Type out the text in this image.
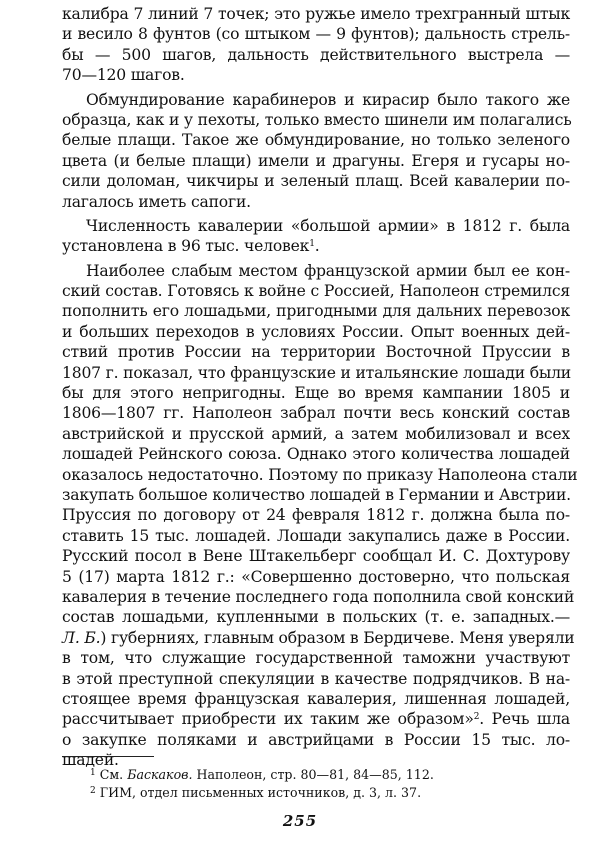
калибра 7 линий 7 точек; это ружье имело трехгранный штык
и весило 8 фунтов (со штыком — 9 фунтов); дальность стрель-
бы — 500 шагов, дальность действительного выстрела —
70—120 шагов.
Обмундирование карабинеров и кирасир было такого же
образца, как и у пехоты, только вместо шинели им полагались
белые плащи. Такое же обмундирование, но только зеленого
цвета (и белые плащи) имели и драгуны. Егеря и гусары но-
сили доломан, чикчиры и зеленый плащ. Всей кавалерии по-
лагалось иметь сапоги.
Численность кавалерии «большой армии» в 1812 г. была
установлена в 96 тыс. человек$^1$.
Наиболее слабым местом французской армии был ее кон-
ский состав. Готовясь к войне с Россией, Наполеон стремился
пополнить его лошадьми, пригодными для дальних перевозок
и больших переходов в условиях России. Опыт военных дей-
ствий против России на территории Восточной Пруссии в
1807 г. показал, что французские и итальянские лошади были
бы для этого непригодны. Еще во время кампании 1805 и
1806—1807 гг. Наполеон забрал почти весь конский состав
австрийской и прусской армий, а затем мобилизовал и всех
лошадей Рейнского союза. Однако этого количества лошадей
оказалось недостаточно. Поэтому по приказу Наполеона стали
закупать большое количество лошадей в Германии и Австрии.
Пруссия по договору от 24 февраля 1812 г. должна была по-
ставить 15 тыс. лошадей. Лошади закупались даже в России.
Русский посол в Вене Штакельберг сообщал И. С. Дохтурову
5 (17) марта 1812 г.: «Совершенно достоверно, что польская
кавалерия в течение последнего года пополнила свой конский
состав лошадьми, купленными в польских (т. е. западных.—
Л. Б.) губерниях, главным образом в Бердичеве. Меня уверяли
в том, что служащие государственной таможни участвуют
в этой преступной спекуляции в качестве подрядчиков. В на-
стоящее время французская кавалерия, лишенная лошадей,
рассчитывает приобрести их таким же образом»$^2$. Речь шла
о закупке поляками и австрийцами в России 15 тыс. ло-
шадей.
$^1$ См. Баскаков. Наполеон, стр. 80—81, 84—85, 112.
$^2$ ГИМ, отдел письменных источников, д. 3, л. 37.
255
